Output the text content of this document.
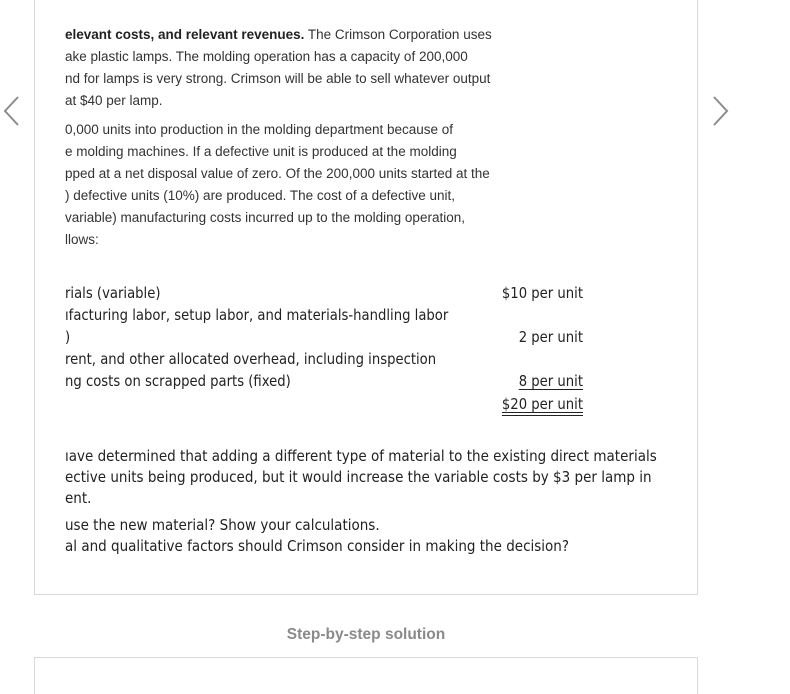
elevant costs, and relevant revenues. The Crimson Corporation uses
ake plastic lamps. The molding operation has a capacity of 200,000
nd for lamps is very strong. Crimson will be able to sell whatever output
at $40 per lamp.
0,000 units into production in the molding department because of
e molding machines. If a defective unit is produced at the molding
pped at a net disposal value of zero. Of the 200,000 units started at the
) defective units (10%) are produced. The cost of a defective unit,
variable) manufacturing costs incurred up to the molding operation,
llows:
rials (variable)	$10 per unit
ıfacturing labor, setup labor, and materials-handling labor
)	2 per unit
rent, and other allocated overhead, including inspection
ng costs on scrapped parts (fixed)	8 per unit
$20 per unit
ıave determined that adding a different type of material to the existing direct materials
ective units being produced, but it would increase the variable costs by $3 per lamp in
ent.
use the new material? Show your calculations.
al and qualitative factors should Crimson consider in making the decision?
Step-by-step solution
